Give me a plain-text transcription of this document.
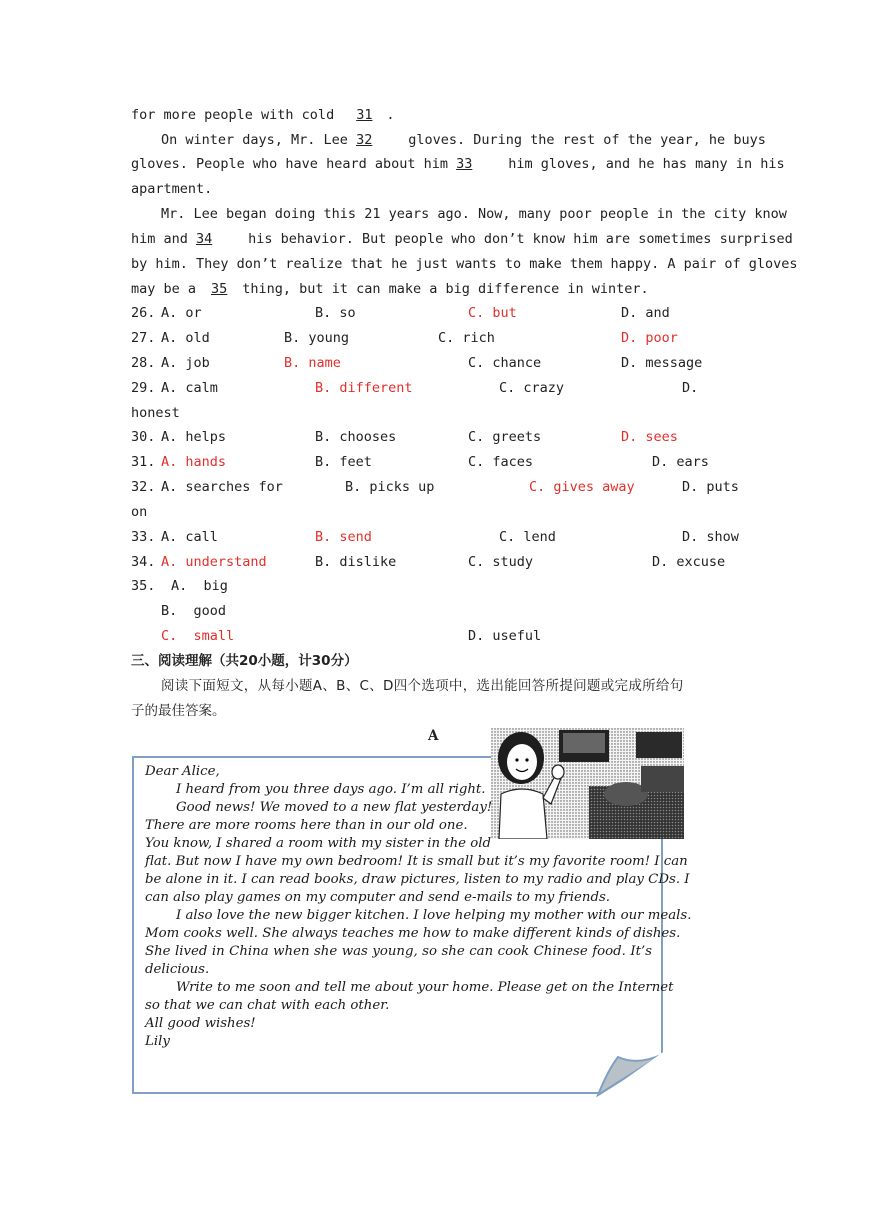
for more people with cold 31 .
On winter days, Mr. Lee 32 gloves. During the rest of the year, he buys
gloves. People who have heard about him 33 him gloves, and he has many in his
apartment.
Mr. Lee began doing this 21 years ago. Now, many poor people in the city know
him and 34 his behavior. But people who don’t know him are sometimes surprised
by him. They don’t realize that he just wants to make them happy. A pair of gloves
may be a 35 thing, but it can make a big difference in winter.
26. A. or	B. so	C. but	D. and
27. A. old	B. young	C. rich	D. poor
28. A. job	B. name	C. chance	D. message
29. A. calm	B. different	C. crazy	D.
honest
30. A. helps	B. chooses	C. greets	D. sees
31. A. hands	B. feet	C. faces	D. ears
32. A. searches for	B. picks up	C. gives away	D. puts
on
33. A. call	B. send	C. lend	D. show
34. A. understand	B. dislike	C. study	D. excuse
35. A.  big
B.  good
C.  small	D. useful
三、阅读理解（共20小题，计30分）
阅读下面短文，从每小题A、B、C、D四个选项中，选出能回答所提问题或完成所给句
子的最佳答案。
A
Dear Alice,
I heard from you three days ago. I’m all right.
Good news! We moved to a new flat yesterday!
There are more rooms here than in our old one.
You know, I shared a room with my sister in the old
flat. But now I have my own bedroom! It is small but it’s my favorite room! I can
be alone in it. I can read books, draw pictures, listen to my radio and play CDs. I
can also play games on my computer and send e-mails to my friends.
I also love the new bigger kitchen. I love helping my mother with our meals.
Mom cooks well. She always teaches me how to make different kinds of dishes.
She lived in China when she was young, so she can cook Chinese food. It’s
delicious.
Write to me soon and tell me about your home. Please get on the Internet
so that we can chat with each other.
All good wishes!
Lily
